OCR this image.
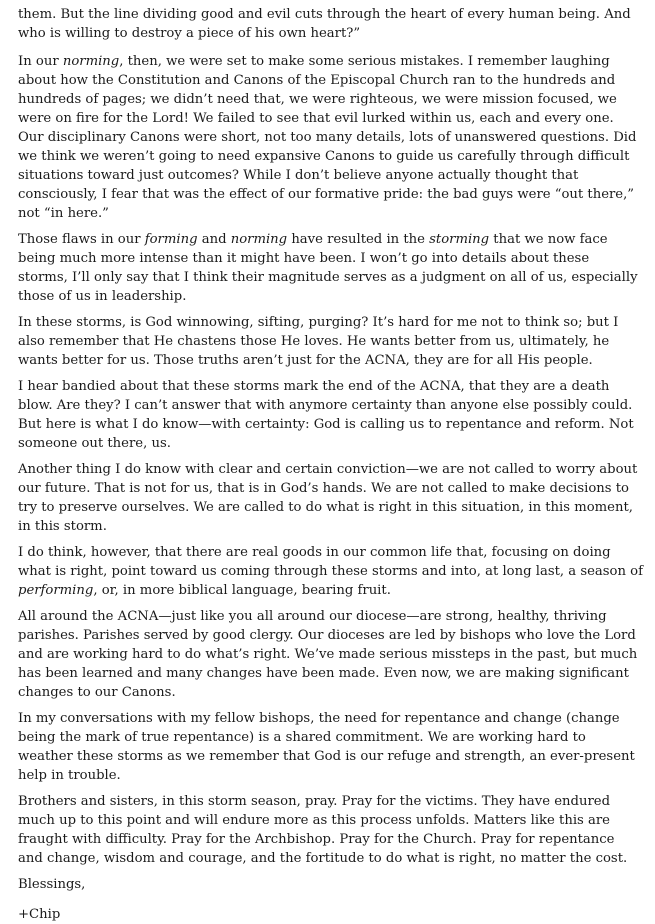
them. But the line dividing good and evil cuts through the heart of every human being. And who is willing to destroy a piece of his own heart?”

In our norming, then, we were set to make some serious mistakes. I remember laughing about how the Constitution and Canons of the Episcopal Church ran to the hundreds and hundreds of pages; we didn’t need that, we were righteous, we were mission focused, we were on fire for the Lord! We failed to see that evil lurked within us, each and every one. Our disciplinary Canons were short, not too many details, lots of unanswered questions. Did we think we weren’t going to need expansive Canons to guide us carefully through difficult situations toward just outcomes? While I don’t believe anyone actually thought that consciously, I fear that was the effect of our formative pride: the bad guys were “out there,” not “in here.”

Those flaws in our forming and norming have resulted in the storming that we now face being much more intense than it might have been. I won’t go into details about these storms, I’ll only say that I think their magnitude serves as a judgment on all of us, especially those of us in leadership.

In these storms, is God winnowing, sifting, purging? It’s hard for me not to think so; but I also remember that He chastens those He loves. He wants better from us, ultimately, he wants better for us. Those truths aren’t just for the ACNA, they are for all His people.

I hear bandied about that these storms mark the end of the ACNA, that they are a death blow. Are they? I can’t answer that with anymore certainty than anyone else possibly could. But here is what I do know—with certainty: God is calling us to repentance and reform. Not someone out there, us.

Another thing I do know with clear and certain conviction—we are not called to worry about our future. That is not for us, that is in God’s hands. We are not called to make decisions to try to preserve ourselves. We are called to do what is right in this situation, in this moment, in this storm.

I do think, however, that there are real goods in our common life that, focusing on doing what is right, point toward us coming through these storms and into, at long last, a season of performing, or, in more biblical language, bearing fruit.

All around the ACNA—just like you all around our diocese—are strong, healthy, thriving parishes. Parishes served by good clergy. Our dioceses are led by bishops who love the Lord and are working hard to do what’s right. We’ve made serious missteps in the past, but much has been learned and many changes have been made. Even now, we are making significant changes to our Canons.

In my conversations with my fellow bishops, the need for repentance and change (change being the mark of true repentance) is a shared commitment. We are working hard to weather these storms as we remember that God is our refuge and strength, an ever-present help in trouble.

Brothers and sisters, in this storm season, pray. Pray for the victims. They have endured much up to this point and will endure more as this process unfolds. Matters like this are fraught with difficulty. Pray for the Archbishop. Pray for the Church. Pray for repentance and change, wisdom and courage, and the fortitude to do what is right, no matter the cost.

Blessings,

+Chip
